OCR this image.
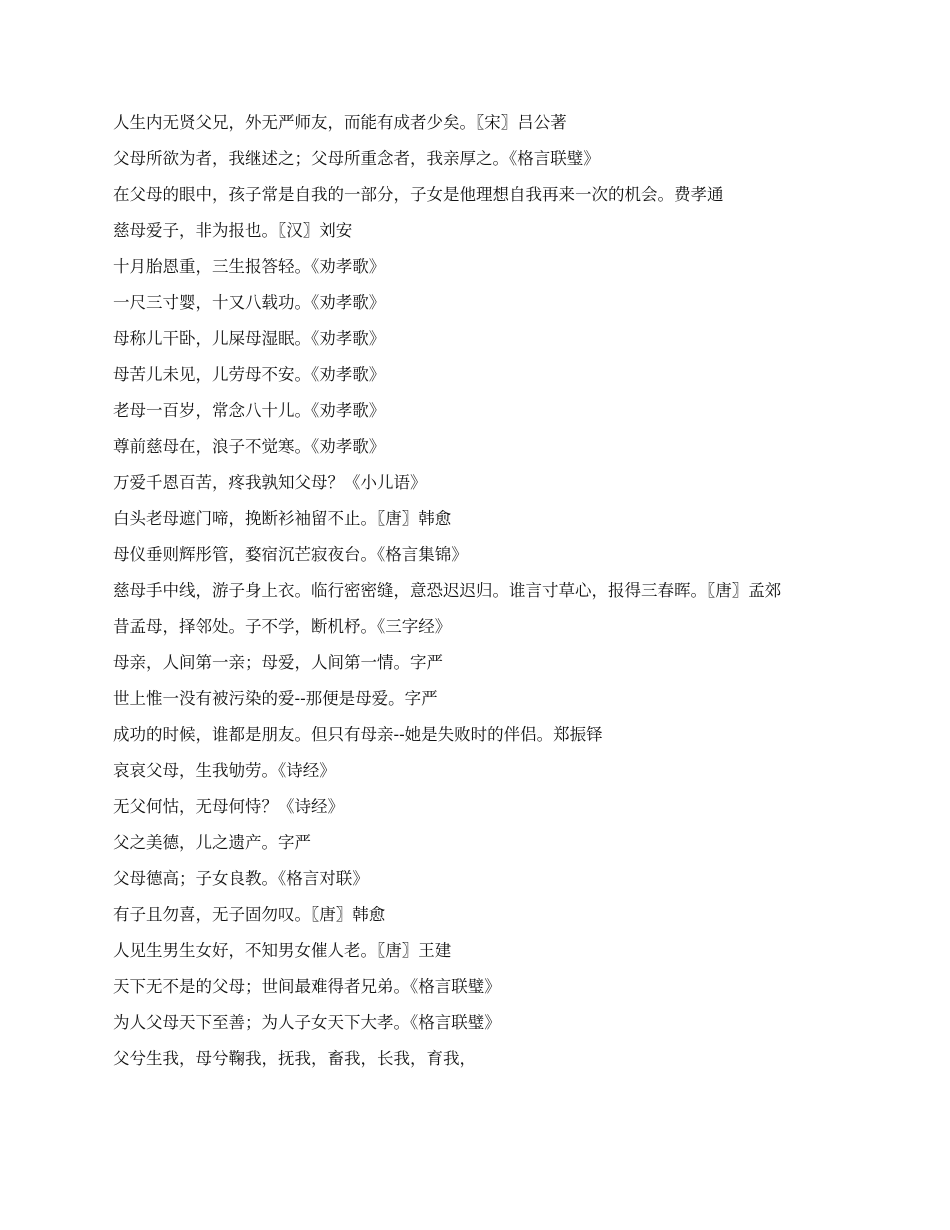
人生内无贤父兄，外无严师友，而能有成者少矣。〖宋〗吕公著

父母所欲为者，我继述之；父母所重念者，我亲厚之。《格言联璧》

在父母的眼中，孩子常是自我的一部分，子女是他理想自我再来一次的机会。费孝通

慈母爱子，非为报也。〖汉〗刘安

十月胎恩重，三生报答轻。《劝孝歌》

一尺三寸婴，十又八载功。《劝孝歌》

母称儿干卧，儿屎母湿眠。《劝孝歌》

母苦儿未见，儿劳母不安。《劝孝歌》

老母一百岁，常念八十儿。《劝孝歌》

尊前慈母在，浪子不觉寒。《劝孝歌》

万爱千恩百苦，疼我孰知父母？《小儿语》

白头老母遮门啼，挽断衫袖留不止。〖唐〗韩愈

母仪垂则辉彤管，婺宿沉芒寂夜台。《格言集锦》

慈母手中线，游子身上衣。临行密密缝，意恐迟迟归。谁言寸草心，报得三春晖。〖唐〗孟郊

昔孟母，择邻处。子不学，断机杼。《三字经》

母亲，人间第一亲；母爱，人间第一情。字严

世上惟一没有被污染的爱--那便是母爱。字严

成功的时候，谁都是朋友。但只有母亲--她是失败时的伴侣。郑振铎

哀哀父母，生我劬劳。《诗经》

无父何怙，无母何恃？《诗经》

父之美德，儿之遗产。字严

父母德高；子女良教。《格言对联》

有子且勿喜，无子固勿叹。〖唐〗韩愈

人见生男生女好，不知男女催人老。〖唐〗王建

天下无不是的父母；世间最难得者兄弟。《格言联璧》

为人父母天下至善；为人子女天下大孝。《格言联璧》

父兮生我，母兮鞠我，抚我，畜我，长我，育我，
